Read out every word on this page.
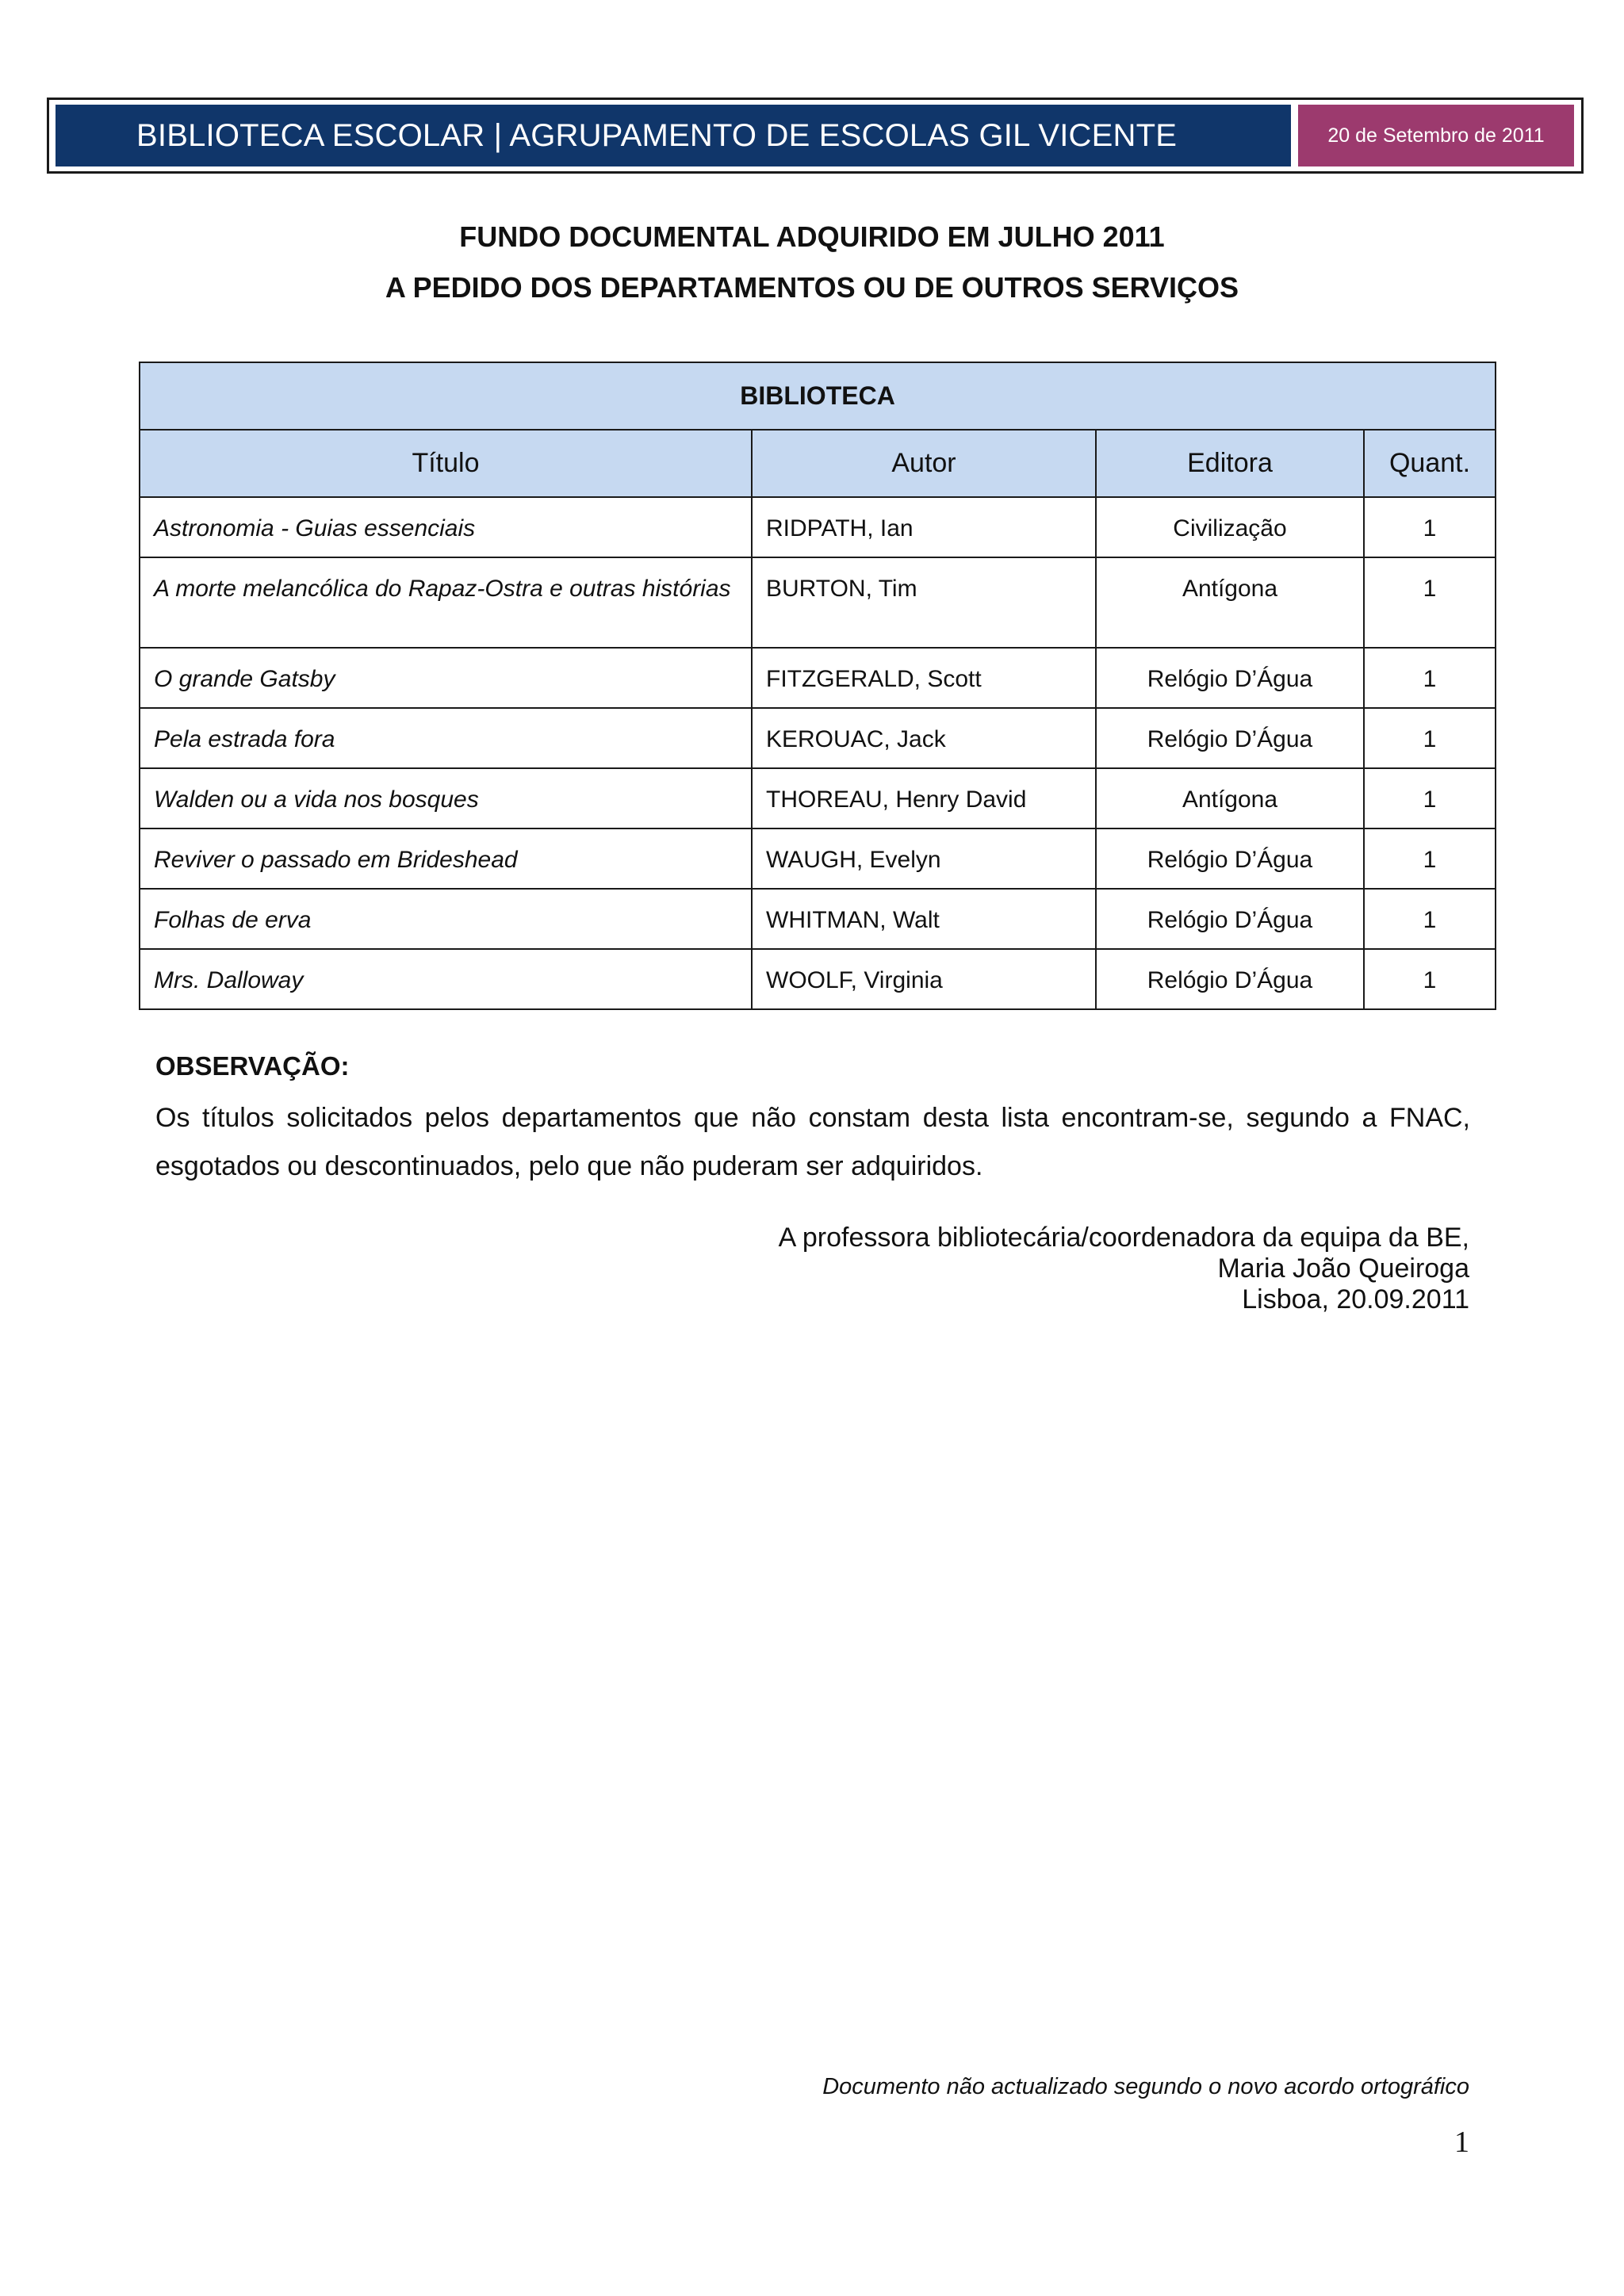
BIBLIOTECA ESCOLAR | AGRUPAMENTO DE ESCOLAS GIL VICENTE	20 de Setembro de 2011
FUNDO DOCUMENTAL ADQUIRIDO EM JULHO 2011
A PEDIDO DOS DEPARTAMENTOS OU DE OUTROS SERVIÇOS
BIBLIOTECA			
Título	Autor	Editora	Quant.
Astronomia - Guias essenciais	RIDPATH, Ian	Civilização	1
A morte melancólica do Rapaz-Ostra e outras histórias	BURTON, Tim	Antígona	1
O grande Gatsby	FITZGERALD, Scott	Relógio D’Água	1
Pela estrada fora	KEROUAC, Jack	Relógio D’Água	1
Walden ou a vida nos bosques	THOREAU, Henry David	Antígona	1
Reviver o passado em Brideshead	WAUGH, Evelyn	Relógio D’Água	1
Folhas de erva	WHITMAN, Walt	Relógio D’Água	1
Mrs. Dalloway	WOOLF, Virginia	Relógio D’Água	1
OBSERVAÇÃO:
Os títulos solicitados pelos departamentos que não constam desta lista encontram-se, segundo a FNAC, esgotados ou descontinuados, pelo que não puderam ser adquiridos.
A professora bibliotecária/coordenadora da equipa da BE,
Maria João Queiroga
Lisboa, 20.09.2011
Documento não actualizado segundo o novo acordo ortográfico
1
